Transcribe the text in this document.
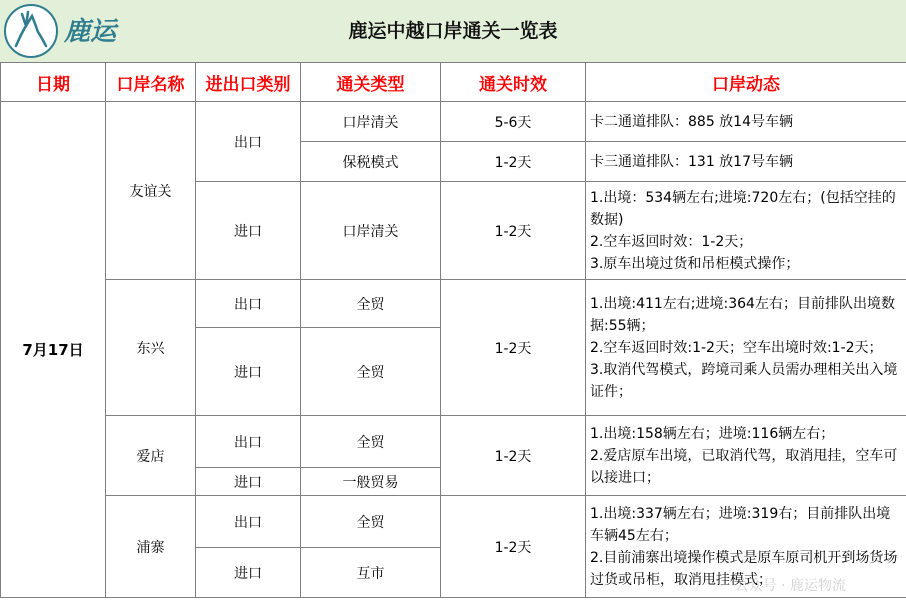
鹿运	鹿运中越口岸通关一览表
日期	口岸名称	进出口类别	通关类型	通关时效	口岸动态
7月17日	友谊关	出口	口岸清关	5-6天	卡二通道排队：885 放14号车辆

			保税模式	1-2天	卡三通道排队：131 放17号车辆

		进口	口岸清关	1-2天	1.出境：534辆左右;进境:720左右；(包括空挂的数据)
2.空车返回时效：1-2天；
3.原车出境过货和吊柜模式操作；

	东兴	出口	全贸	1-2天	1.出境:411左右;进境:364左右；目前排队出境数据:55辆；
2.空车返回时效:1-2天；空车出境时效:1-2天；
3.取消代驾模式，跨境司乘人员需办理相关出入境证件；

		进口	全贸		
	爱店	出口	全贸	1-2天	1.出境:158辆左右；进境:116辆左右；
2.爱店原车出境，已取消代驾，取消甩挂，空车可以接进口；

		进口	一般贸易		
	浦寨	出口	全贸	1-2天	1.出境:337辆左右；进境:319右；目前排队出境车辆45左右；
2.目前浦寨出境操作模式是原车原司机开到场货场过货或吊柜，取消甩挂模式；

		进口	互市		
公众号 · 鹿运物流
